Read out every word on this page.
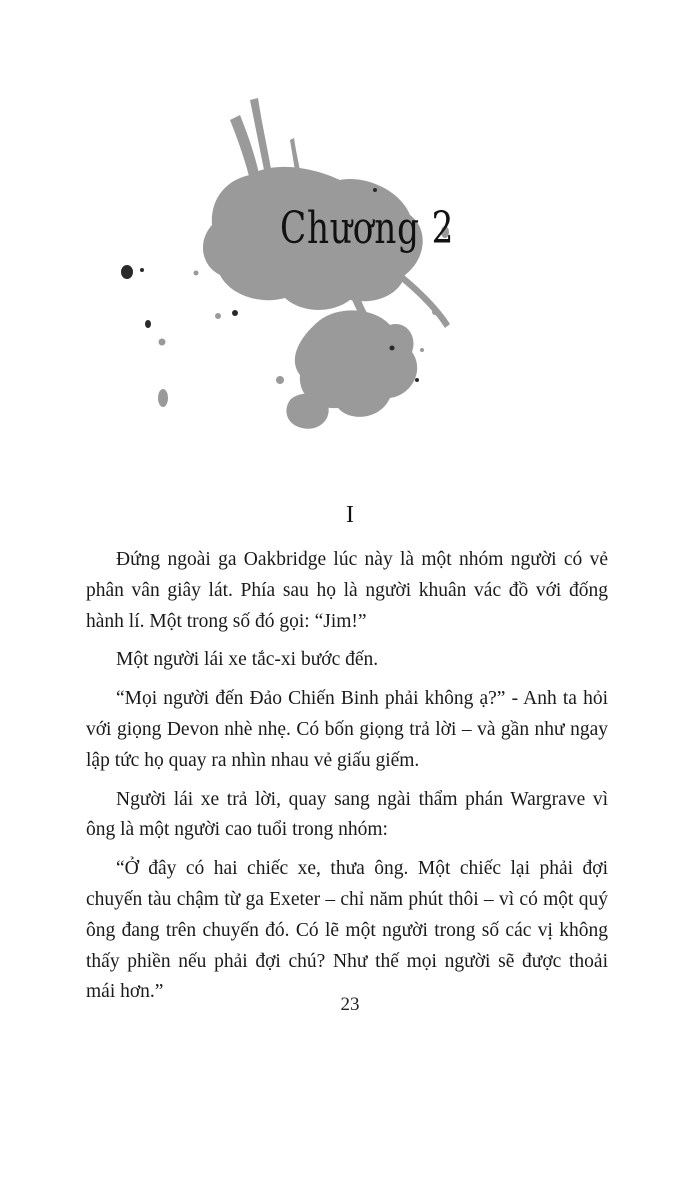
Chương 2
I

Đứng ngoài ga Oakbridge lúc này là một nhóm người có vẻ phân vân giây lát. Phía sau họ là người khuân vác đồ với đống hành lí. Một trong số đó gọi: “Jim!”

Một người lái xe tắc-xi bước đến.

“Mọi người đến Đảo Chiến Binh phải không ạ?” - Anh ta hỏi với giọng Devon nhè nhẹ. Có bốn giọng trả lời – và gần như ngay lập tức họ quay ra nhìn nhau vẻ giấu giếm.

Người lái xe trả lời, quay sang ngài thẩm phán Wargrave vì ông là một người cao tuổi trong nhóm:

“Ở đây có hai chiếc xe, thưa ông. Một chiếc lại phải đợi chuyến tàu chậm từ ga Exeter – chỉ năm phút thôi – vì có một quý ông đang trên chuyến đó. Có lẽ một người trong số các vị không thấy phiền nếu phải đợi chú? Như thế mọi người sẽ được thoải mái hơn.”

23
